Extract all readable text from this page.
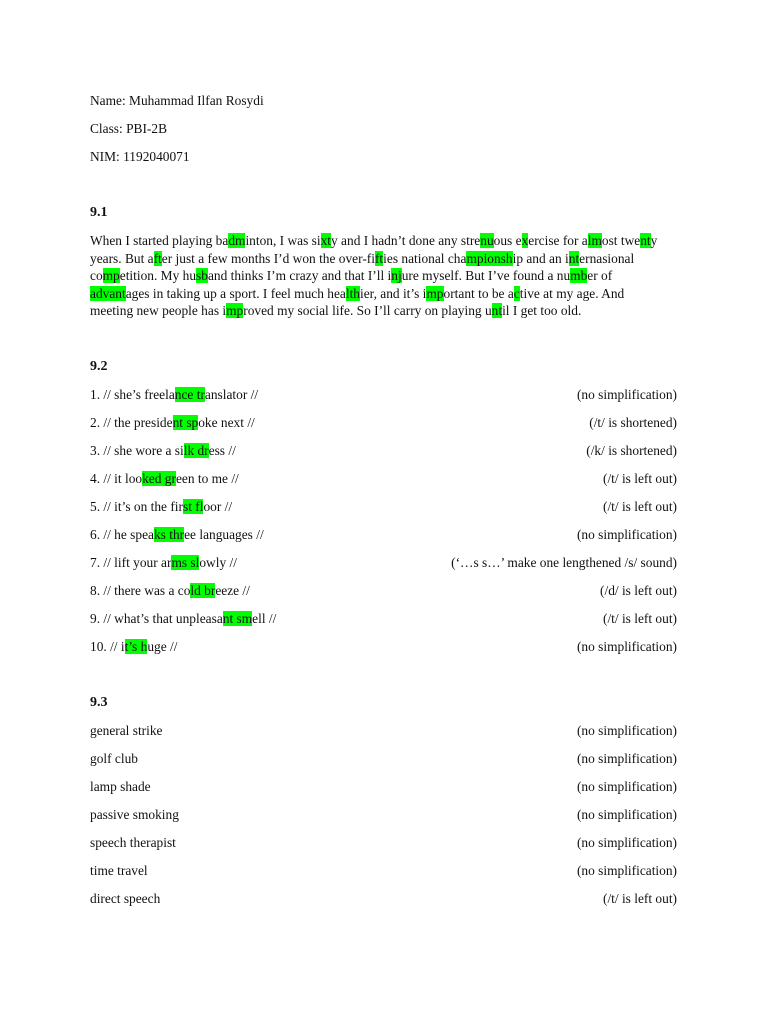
Name: Muhammad Ilfan Rosydi
Class: PBI-2B
NIM: 1192040071
9.1
When I started playing badminton, I was sixty and I hadn’t done any strenuous exercise for almost twenty
years. But after just a few months I’d won the over-fifties national championship and an internasional
competition. My husband thinks I’m crazy and that I’ll injure myself. But I’ve found a number of
advantages in taking up a sport. I feel much healthier, and it’s important to be active at my age. And
meeting new people has improved my social life. So I’ll carry on playing until I get too old.
9.2
1. // she’s freelance translator //	(no simplification)
2. // the president spoke next //	(/t/ is shortened)
3. // she wore a silk dress //	(/k/ is shortened)
4. // it looked green to me //	(/t/ is left out)
5. // it’s on the first floor //	(/t/ is left out)
6. // he speaks three languages //	(no simplification)
7. // lift your arms slowly //	(‘…s s…’ make one lengthened /s/ sound)
8. // there was a cold breeze //	(/d/ is left out)
9. // what’s that unpleasant smell //	(/t/ is left out)
10. // it’s huge //	(no simplification)
9.3
general strike	(no simplification)
golf club	(no simplification)
lamp shade	(no simplification)
passive smoking	(no simplification)
speech therapist	(no simplification)
time travel	(no simplification)
direct speech	(/t/ is left out)
